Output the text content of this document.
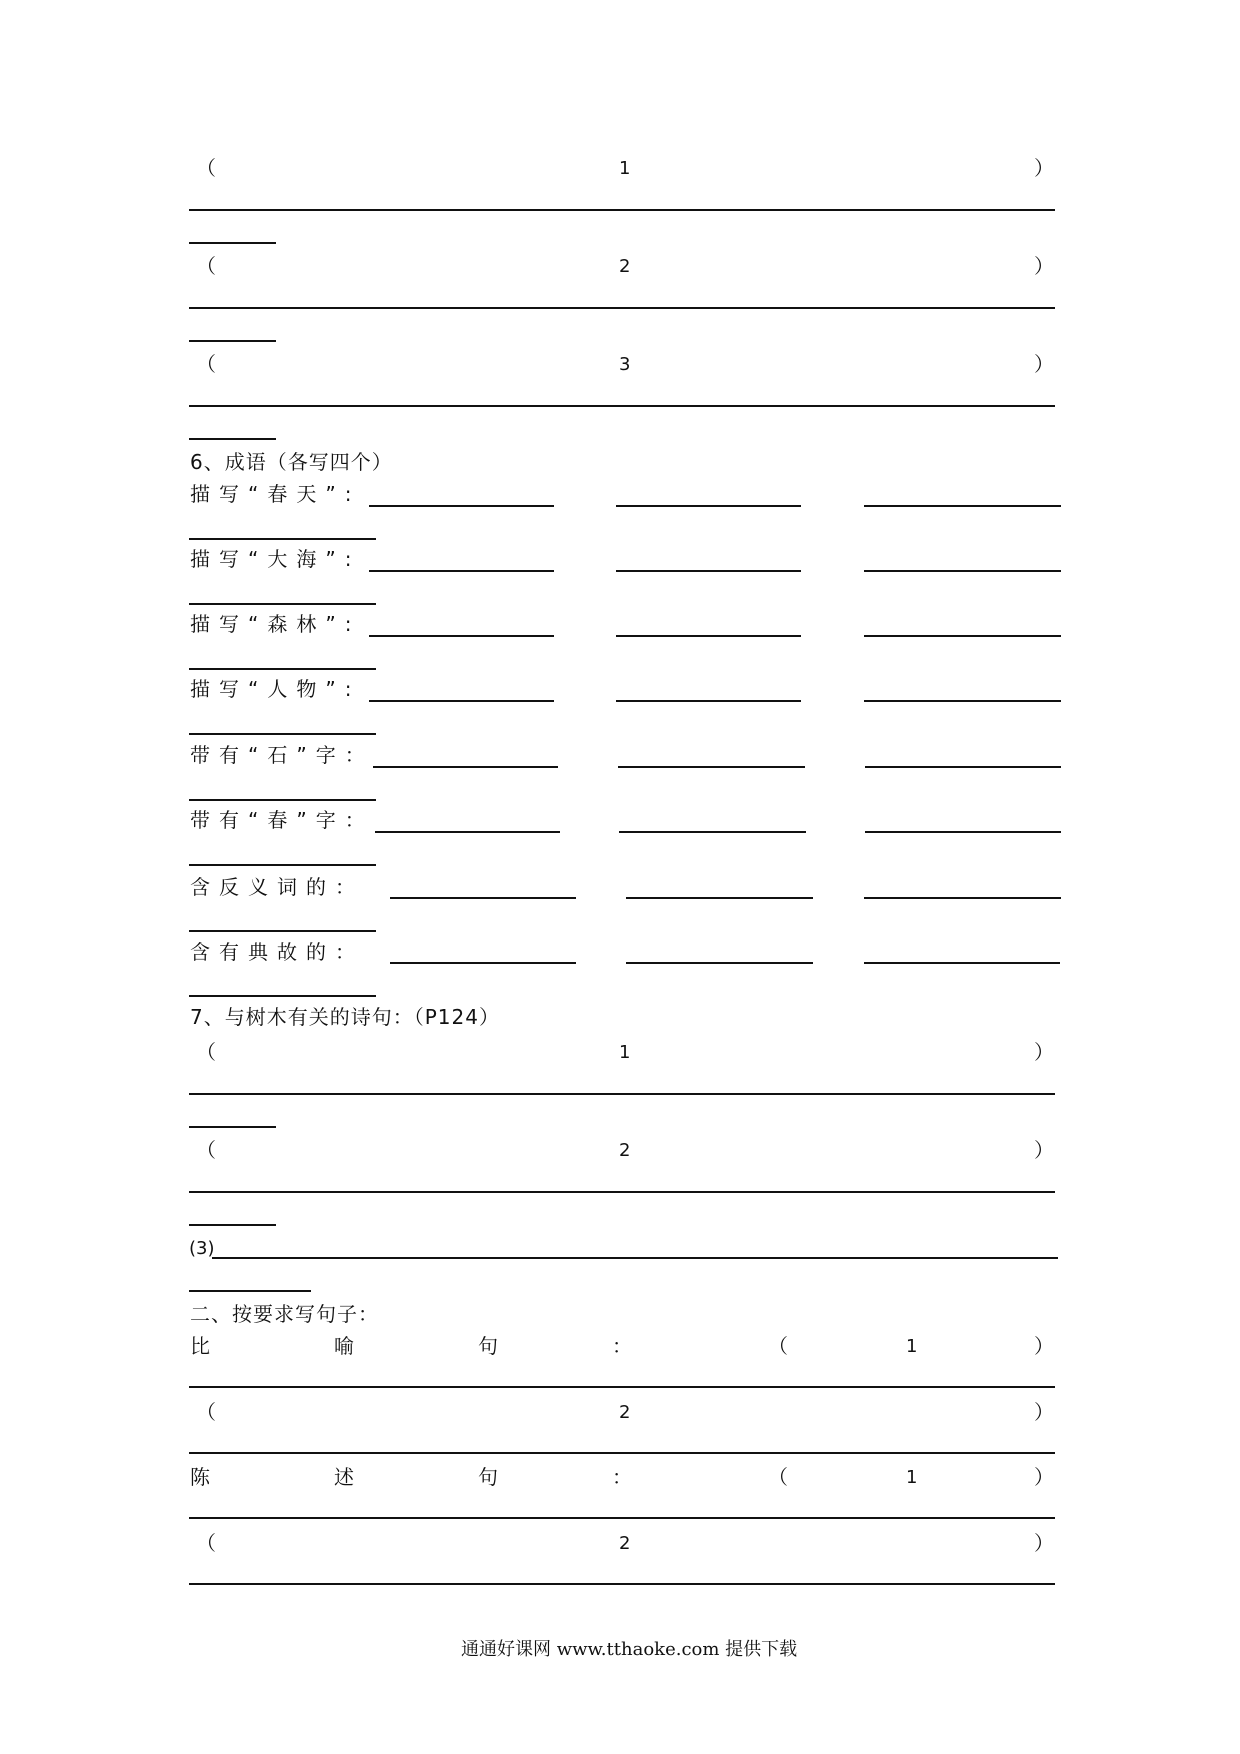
（	1	）
（	2	）
（	3	）
6、成语（各写四个）
描写“春天”:
描写“大海”:
描写“森林”:
描写“人物”:
带有“石”字：
带有“春”字：
含反义词的：
含有典故的：
7、与树木有关的诗句：（P124）
（	1	）
（	2	）
(3)
二、按要求写句子：
比	喻	句	：	（	1	）
（	2	）
陈	述	句	：	（	1	）
（	2	）
通通好课网 www.tthaoke.com 提供下载
